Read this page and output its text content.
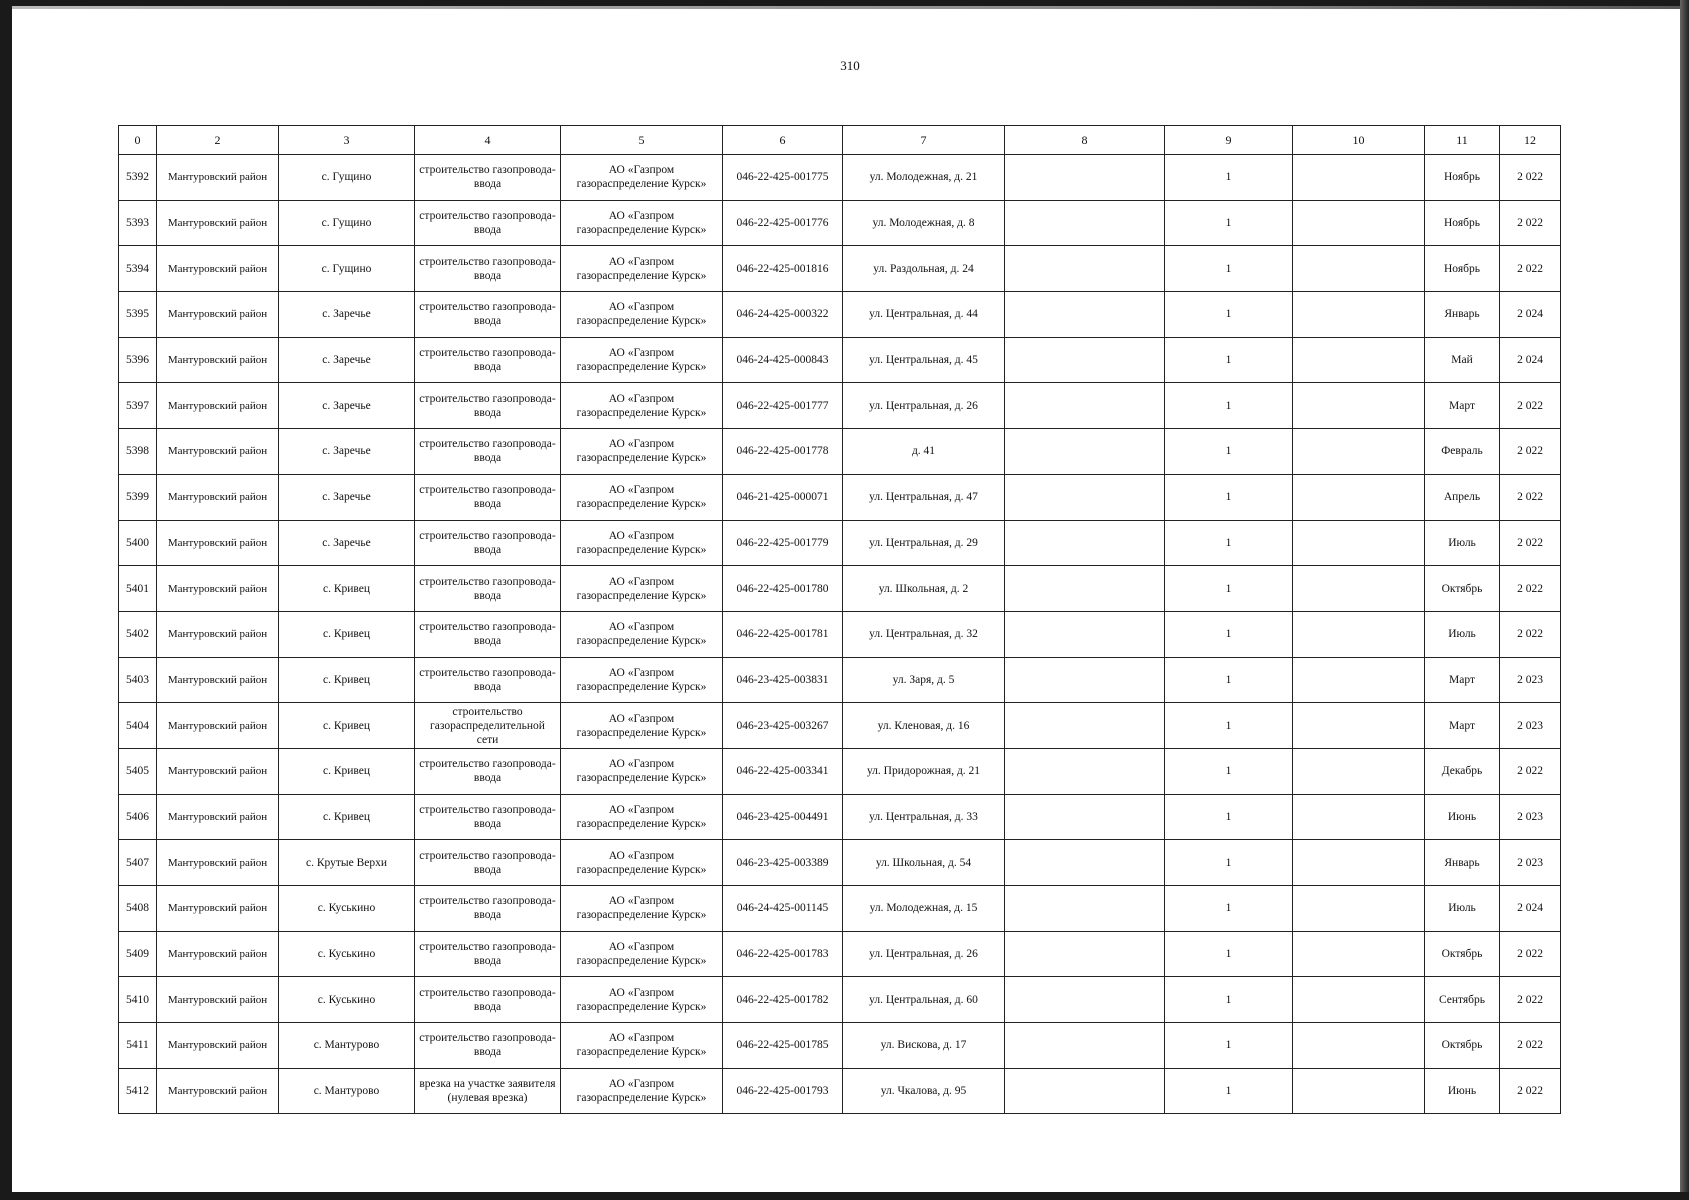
310
0	2	3	4	5	6	7	8	9	10	11	12
5392	Мантуровский район	с. Гущино	строительство газопровода-ввода	АО «Газпром газораспределение Курск»	046-22-425-001775	ул. Молодежная, д. 21		1		Ноябрь	2 022
5393	Мантуровский район	с. Гущино	строительство газопровода-ввода	АО «Газпром газораспределение Курск»	046-22-425-001776	ул. Молодежная, д. 8		1		Ноябрь	2 022
5394	Мантуровский район	с. Гущино	строительство газопровода-ввода	АО «Газпром газораспределение Курск»	046-22-425-001816	ул. Раздольная, д. 24		1		Ноябрь	2 022
5395	Мантуровский район	с. Заречье	строительство газопровода-ввода	АО «Газпром газораспределение Курск»	046-24-425-000322	ул. Центральная, д. 44		1		Январь	2 024
5396	Мантуровский район	с. Заречье	строительство газопровода-ввода	АО «Газпром газораспределение Курск»	046-24-425-000843	ул. Центральная, д. 45		1		Май	2 024
5397	Мантуровский район	с. Заречье	строительство газопровода-ввода	АО «Газпром газораспределение Курск»	046-22-425-001777	ул. Центральная, д. 26		1		Март	2 022
5398	Мантуровский район	с. Заречье	строительство газопровода-ввода	АО «Газпром газораспределение Курск»	046-22-425-001778	д. 41		1		Февраль	2 022
5399	Мантуровский район	с. Заречье	строительство газопровода-ввода	АО «Газпром газораспределение Курск»	046-21-425-000071	ул. Центральная, д. 47		1		Апрель	2 022
5400	Мантуровский район	с. Заречье	строительство газопровода-ввода	АО «Газпром газораспределение Курск»	046-22-425-001779	ул. Центральная, д. 29		1		Июль	2 022
5401	Мантуровский район	с. Кривец	строительство газопровода-ввода	АО «Газпром газораспределение Курск»	046-22-425-001780	ул. Школьная, д. 2		1		Октябрь	2 022
5402	Мантуровский район	с. Кривец	строительство газопровода-ввода	АО «Газпром газораспределение Курск»	046-22-425-001781	ул. Центральная, д. 32		1		Июль	2 022
5403	Мантуровский район	с. Кривец	строительство газопровода-ввода	АО «Газпром газораспределение Курск»	046-23-425-003831	ул. Заря, д. 5		1		Март	2 023
5404	Мантуровский район	с. Кривец	строительство газораспределительной сети	АО «Газпром газораспределение Курск»	046-23-425-003267	ул. Кленовая, д. 16		1		Март	2 023
5405	Мантуровский район	с. Кривец	строительство газопровода-ввода	АО «Газпром газораспределение Курск»	046-22-425-003341	ул. Придорожная, д. 21		1		Декабрь	2 022
5406	Мантуровский район	с. Кривец	строительство газопровода-ввода	АО «Газпром газораспределение Курск»	046-23-425-004491	ул. Центральная, д. 33		1		Июнь	2 023
5407	Мантуровский район	с. Крутые Верхи	строительство газопровода-ввода	АО «Газпром газораспределение Курск»	046-23-425-003389	ул. Школьная, д. 54		1		Январь	2 023
5408	Мантуровский район	с. Куськино	строительство газопровода-ввода	АО «Газпром газораспределение Курск»	046-24-425-001145	ул. Молодежная, д. 15		1		Июль	2 024
5409	Мантуровский район	с. Куськино	строительство газопровода-ввода	АО «Газпром газораспределение Курск»	046-22-425-001783	ул. Центральная, д. 26		1		Октябрь	2 022
5410	Мантуровский район	с. Куськино	строительство газопровода-ввода	АО «Газпром газораспределение Курск»	046-22-425-001782	ул. Центральная, д. 60		1		Сентябрь	2 022
5411	Мантуровский район	с. Мантурово	строительство газопровода-ввода	АО «Газпром газораспределение Курск»	046-22-425-001785	ул. Вискова, д. 17		1		Октябрь	2 022
5412	Мантуровский район	с. Мантурово	врезка на участке заявителя (нулевая врезка)	АО «Газпром газораспределение Курск»	046-22-425-001793	ул. Чкалова, д. 95		1		Июнь	2 022
